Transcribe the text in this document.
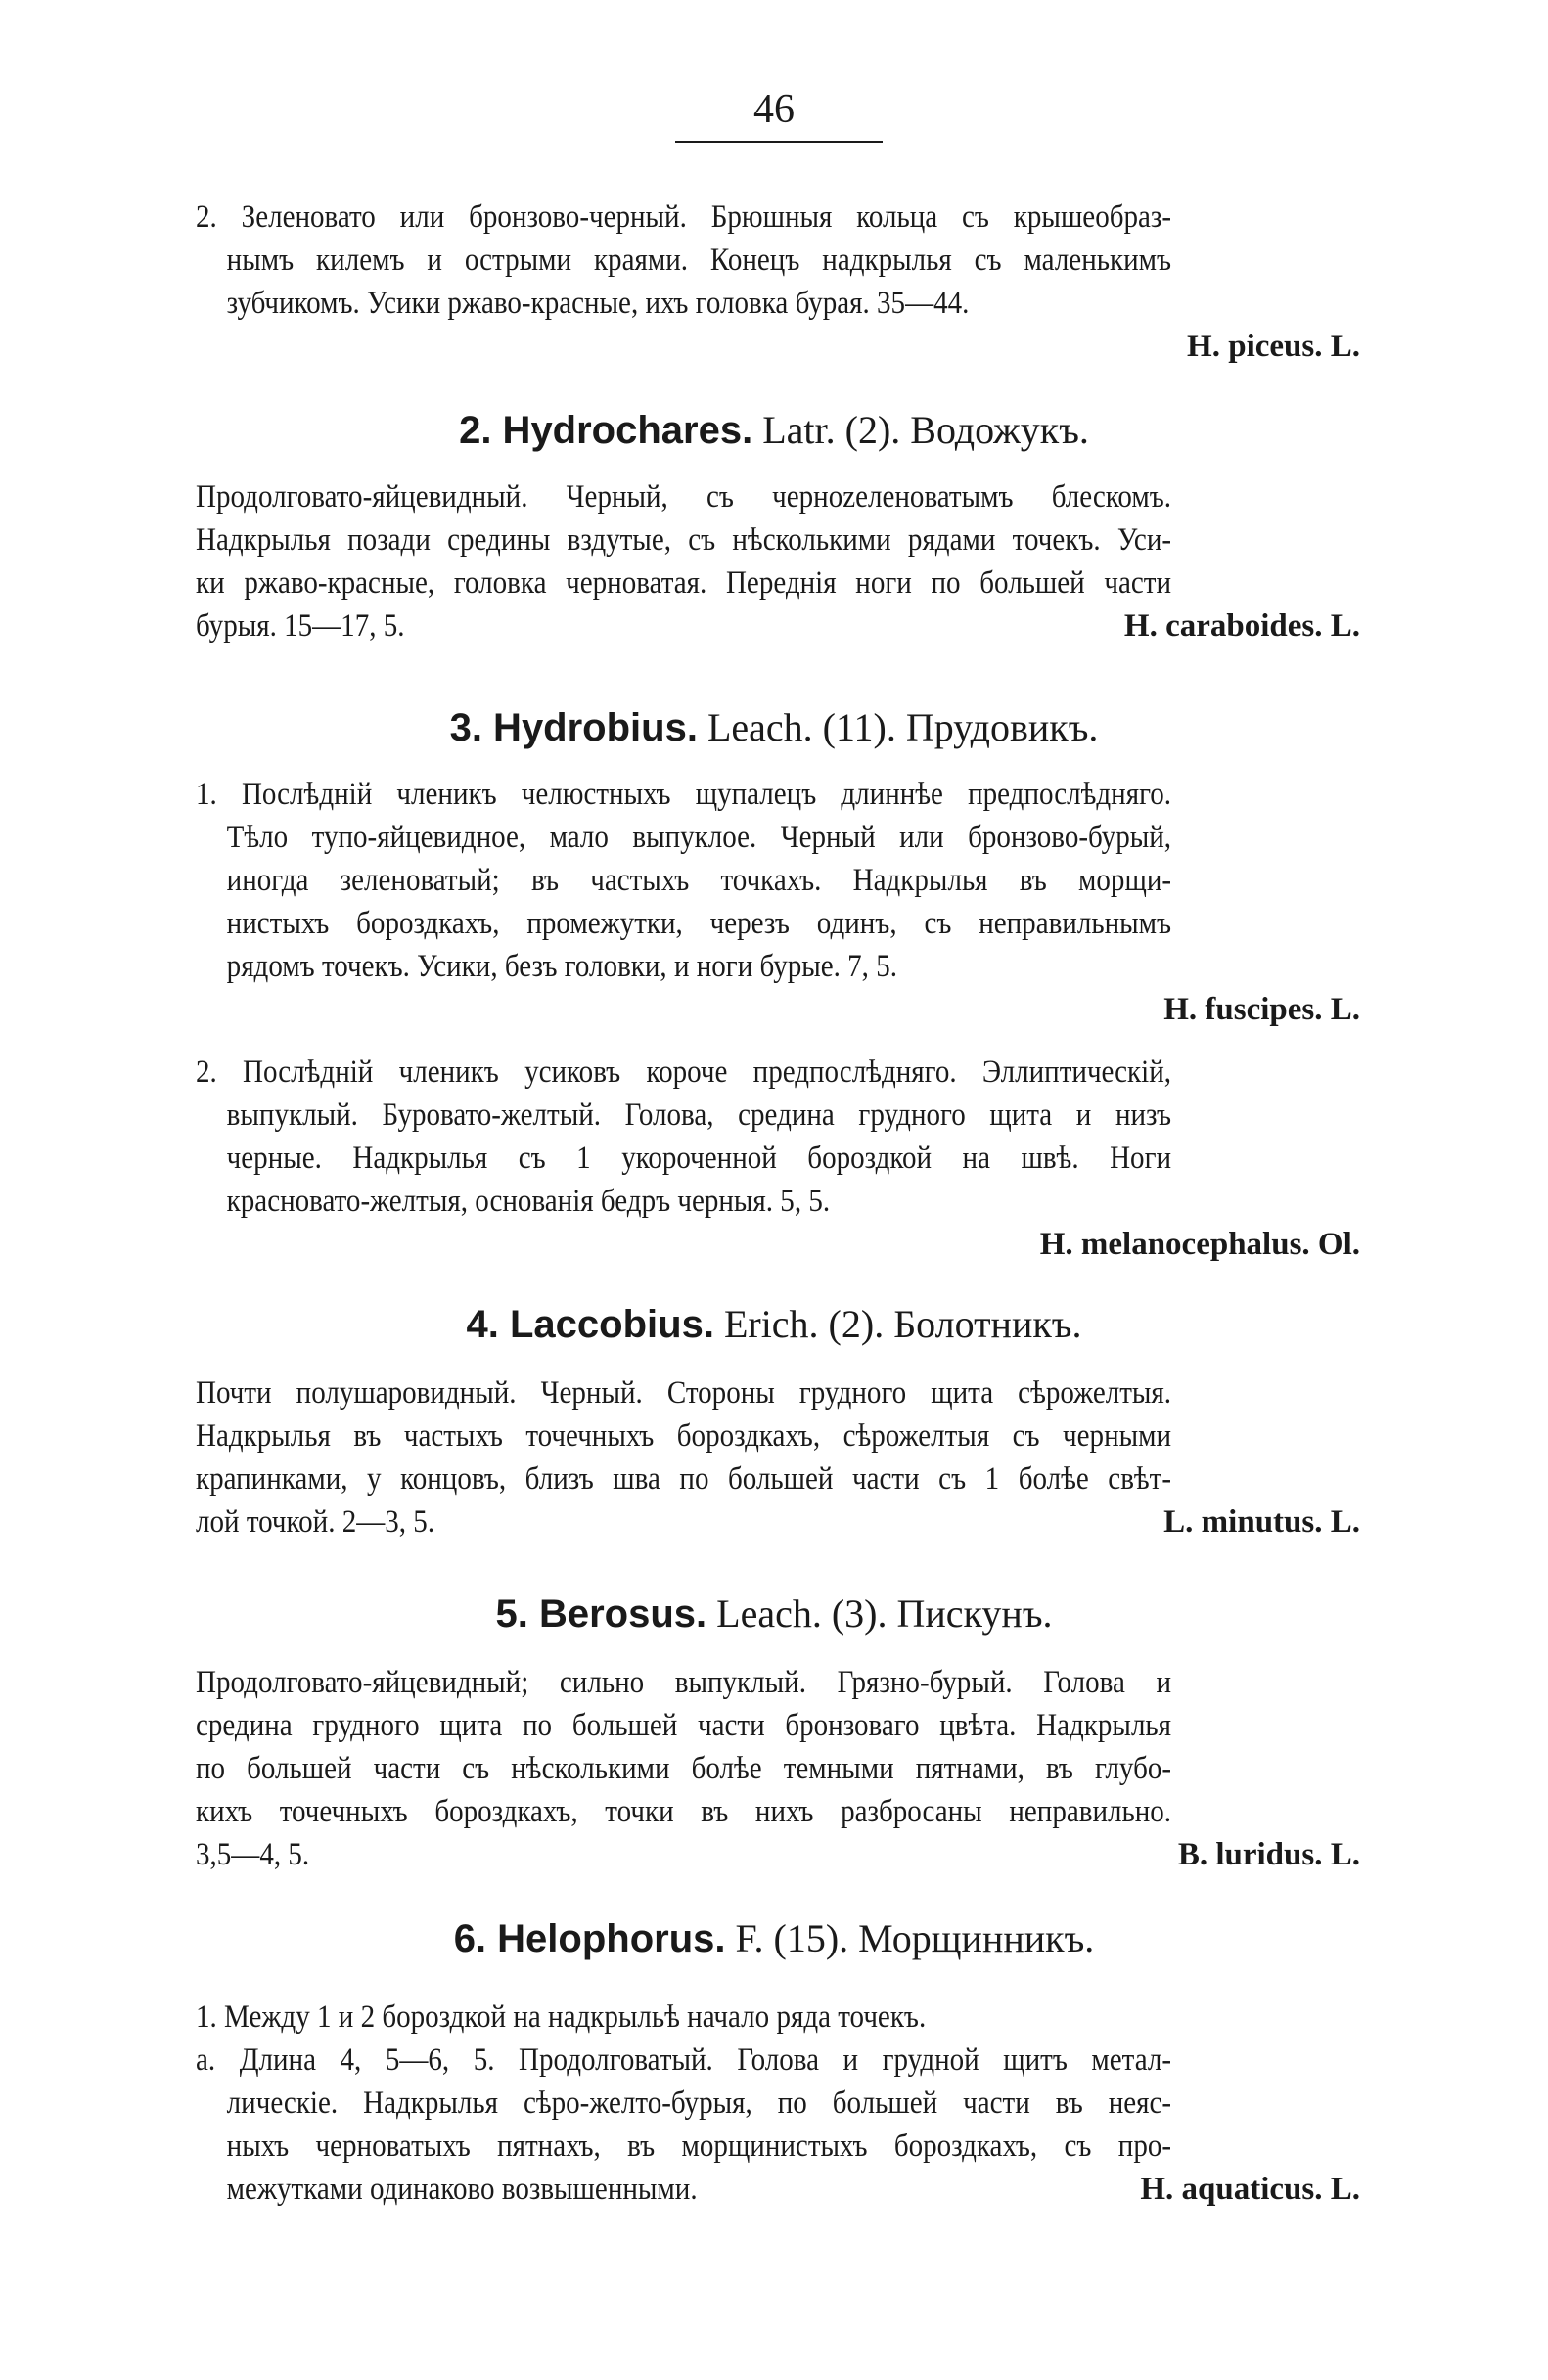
46
2. Зеленовато или бронзово-черный. Брюшныя кольца съ крышеобраз-
нымъ килемъ и острыми краями. Конецъ надкрылья съ маленькимъ
зубчикомъ. Усики ржаво-красные, ихъ головка бурая. 35—44.
H. piceus. L.
2. Hydrochares. Latr. (2). Водожукъ.
Продолговато-яйцевидный. Черный, съ черноzеленоватымъ блескомъ.
Надкрылья позади средины вздутые, съ нѣсколькими рядами точекъ. Уси-
ки ржаво-красные, головка черноватая. Переднія ноги по большей части
бурыя. 15—17, 5.	H. caraboides. L.
3. Hydrobius. Leach. (11). Прудовикъ.
1. Послѣдній членикъ челюстныхъ щупалецъ длиннѣе предпослѣдняго.
Тѣло тупо-яйцевидное, мало выпуклое. Черный или бронзово-бурый,
иногда зеленоватый; въ частыхъ точкахъ. Надкрылья въ морщи-
нистыхъ бороздкахъ, промежутки, черезъ одинъ, съ неправильнымъ
рядомъ точекъ. Усики, безъ головки, и ноги бурые. 7, 5.
H. fuscipes. L.
2. Послѣдній членикъ усиковъ короче предпослѣдняго. Эллиптическій,
выпуклый. Буровато-желтый. Голова, средина грудного щита и низъ
черные. Надкрылья съ 1 укороченной бороздкой на швѣ. Ноги
красновато-желтыя, основанія бедръ черныя. 5, 5.
H. melanocephalus. Ol.
4. Laccobius. Erich. (2). Болотникъ.
Почти полушаровидный. Черный. Стороны грудного щита сѣрожелтыя.
Надкрылья въ частыхъ точечныхъ бороздкахъ, сѣрожелтыя съ черными
крапинками, у концовъ, близъ шва по большей части съ 1 болѣе свѣт-
лой точкой. 2—3, 5.	L. minutus. L.
5. Berosus. Leach. (3). Пискунъ.
Продолговато-яйцевидный; сильно выпуклый. Грязно-бурый. Голова и
средина грудного щита по большей части бронзоваго цвѣта. Надкрылья
по большей части съ нѣсколькими болѣе темными пятнами, въ глубо-
кихъ точечныхъ бороздкахъ, точки въ нихъ разбросаны неправильно.
3,5—4, 5.	B. luridus. L.
6. Helophorus. F. (15). Морщинникъ.
1. Между 1 и 2 бороздкой на надкрыльѣ начало ряда точекъ.
a. Длина 4, 5—6, 5. Продолговатый. Голова и грудной щитъ метал-
лическіе. Надкрылья сѣро-желто-бурыя, по большей части въ неяс-
ныхъ черноватыхъ пятнахъ, въ морщинистыхъ бороздкахъ, съ про-
межутками одинаково возвышенными.	H. aquaticus. L.
